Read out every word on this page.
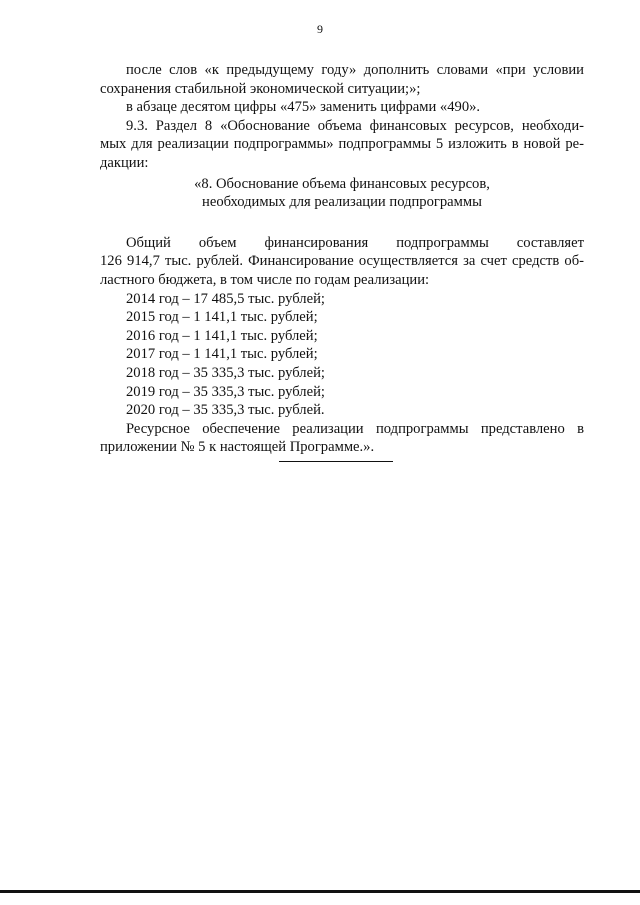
9

после слов «к предыдущему году» дополнить словами «при условии
сохранения стабильной экономической ситуации;»;

в абзаце десятом цифры «475» заменить цифрами «490».

9.3. Раздел 8 «Обоснование объема финансовых ресурсов, необходи-
мых для реализации подпрограммы» подпрограммы 5 изложить в новой ре-
дакции:

«8. Обоснование объема финансовых ресурсов,
необходимых для реализации подпрограммы

Общий объем финансирования подпрограммы составляет
126 914,7 тыс. рублей. Финансирование осуществляется за счет средств об-
ластного бюджета, в том числе по годам реализации:

2014 год – 17 485,5 тыс. рублей;
2015 год – 1 141,1 тыс. рублей;
2016 год – 1 141,1 тыс. рублей;
2017 год – 1 141,1 тыс. рублей;
2018 год – 35 335,3 тыс. рублей;
2019 год – 35 335,3 тыс. рублей;
2020 год – 35 335,3 тыс. рублей.

Ресурсное обеспечение реализации подпрограммы представлено в
приложении № 5 к настоящей Программе.».
